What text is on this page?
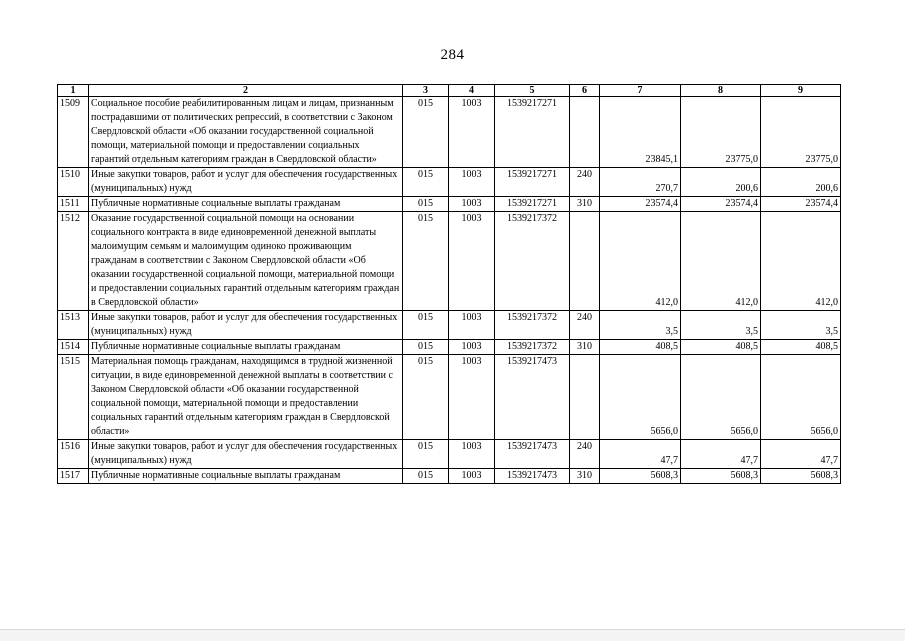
284
1	2	3	4	5	6	7	8	9
1509	Социальное пособие реабилитированным лицам и лицам, признанным пострадавшими от политических репрессий, в соответствии с Законом Свердловской области «Об оказании государственной социальной помощи, материальной помощи и предоставлении социальных гарантий отдельным категориям граждан в Свердловской области»	015	1003	1539217271		23845,1	23775,0	23775,0
1510	Иные закупки товаров, работ и услуг для обеспечения государственных (муниципальных) нужд	015	1003	1539217271	240	270,7	200,6	200,6
1511	Публичные нормативные социальные выплаты гражданам	015	1003	1539217271	310	23574,4	23574,4	23574,4
1512	Оказание государственной социальной помощи на основании социального контракта в виде единовременной денежной выплаты малоимущим семьям и малоимущим одиноко проживающим гражданам в соответствии с Законом Свердловской области «Об оказании государственной социальной помощи, материальной помощи и предоставлении социальных гарантий отдельным категориям граждан в Свердловской области»	015	1003	1539217372		412,0	412,0	412,0
1513	Иные закупки товаров, работ и услуг для обеспечения государственных (муниципальных) нужд	015	1003	1539217372	240	3,5	3,5	3,5
1514	Публичные нормативные социальные выплаты гражданам	015	1003	1539217372	310	408,5	408,5	408,5
1515	Материальная помощь гражданам, находящимся в трудной жизненной ситуации, в виде единовременной денежной выплаты в соответствии с Законом Свердловской области «Об оказании государственной социальной помощи, материальной помощи и предоставлении социальных гарантий отдельным категориям граждан в Свердловской области»	015	1003	1539217473		5656,0	5656,0	5656,0
1516	Иные закупки товаров, работ и услуг для обеспечения государственных (муниципальных) нужд	015	1003	1539217473	240	47,7	47,7	47,7
1517	Публичные нормативные социальные выплаты гражданам	015	1003	1539217473	310	5608,3	5608,3	5608,3
